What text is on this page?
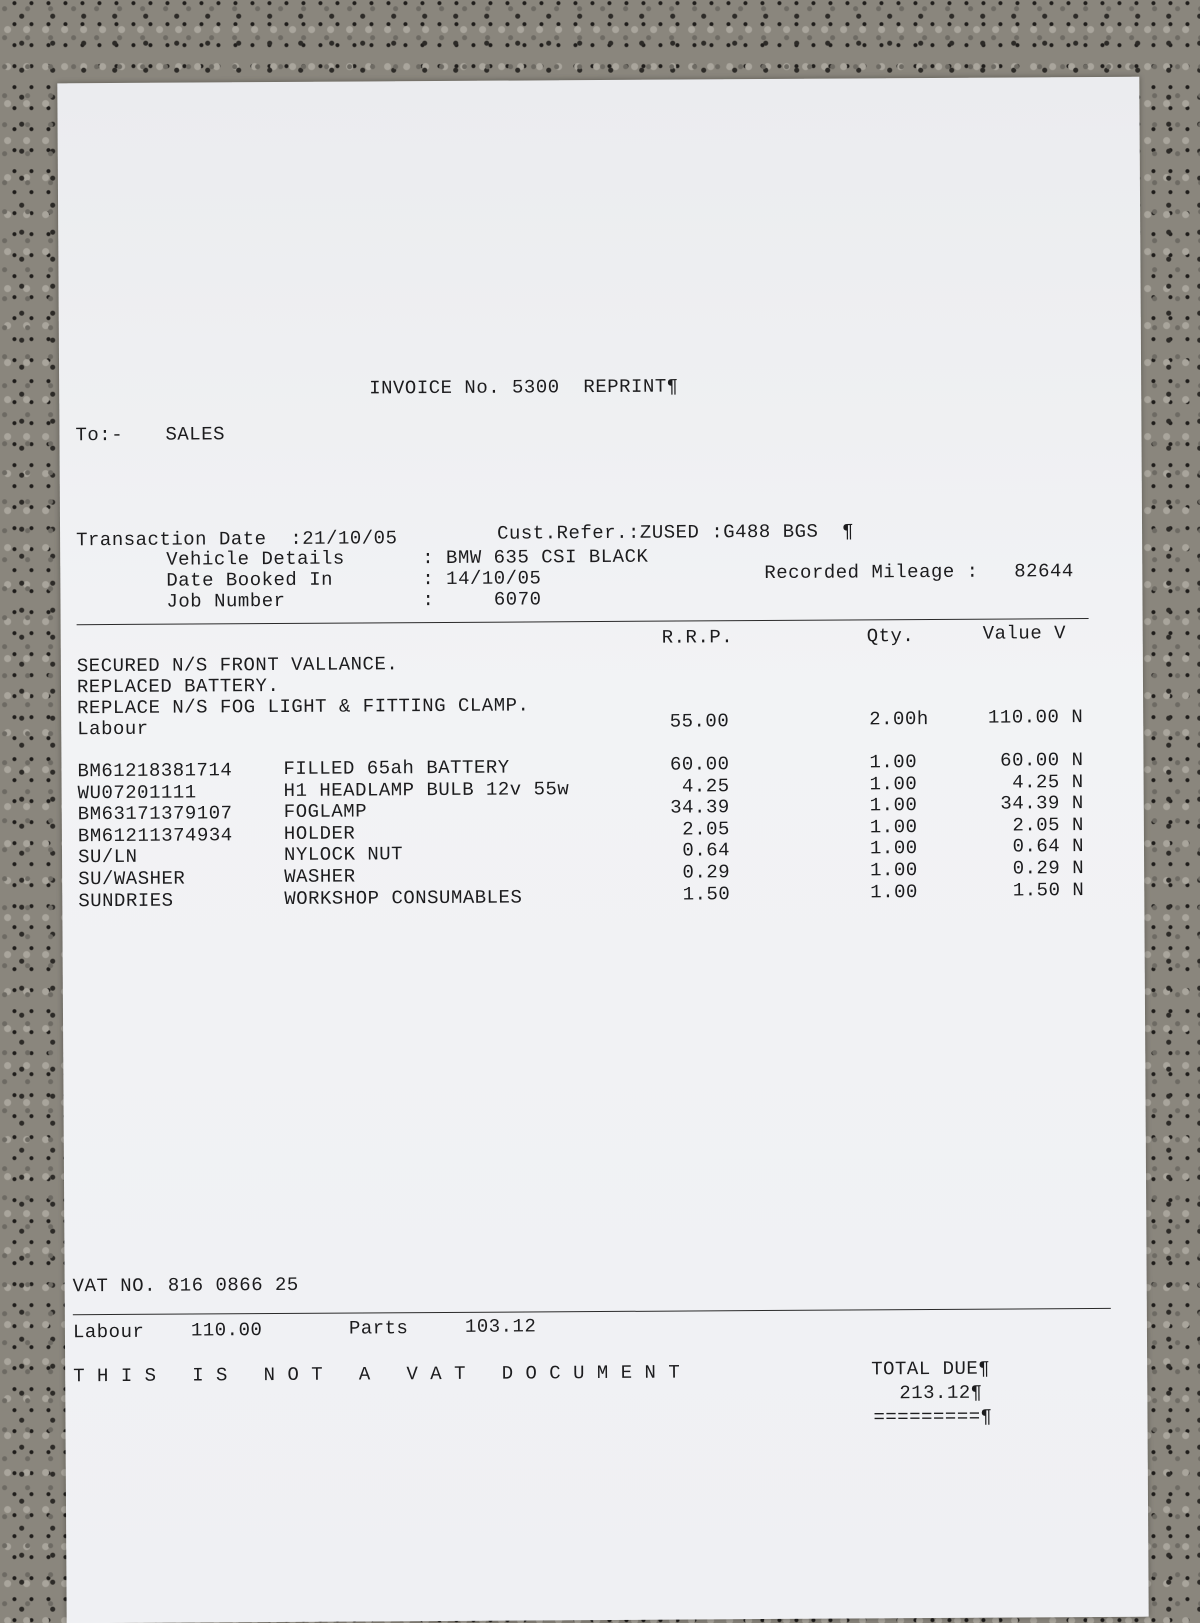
INVOICE No. 5300  REPRINT¶
To:- SALES
Transaction Date  :21/10/05	Cust.Refer.:ZUSED :G488 BGS  ¶
Vehicle Details	: BMW 635 CSI BLACK
Date Booked In	: 14/10/05	Recorded Mileage :   82644
Job Number	:     6070
R.R.P.	Qty.	Value V
SECURED N/S FRONT VALLANCE.
REPLACED BATTERY.
REPLACE N/S FOG LIGHT & FITTING CLAMP.
Labour	55.00	2.00h	110.00 N
BM61218381714	FILLED 65ah BATTERY	60.00	1.00	60.00 N
WU07201111	H1 HEADLAMP BULB 12v 55w	4.25	1.00	4.25 N
BM63171379107	FOGLAMP	34.39	1.00	34.39 N
BM61211374934	HOLDER	2.05	1.00	2.05 N
SU/LN	NYLOCK NUT	0.64	1.00	0.64 N
SU/WASHER	WASHER	0.29	1.00	0.29 N
SUNDRIES	WORKSHOP CONSUMABLES	1.50	1.00	1.50 N
VAT NO. 816 0866 25
Labour 110.00	Parts	103.12
T H I S   I S   N O T   A   V A T   D O C U M E N T	TOTAL DUE¶
213.12¶
=========¶
